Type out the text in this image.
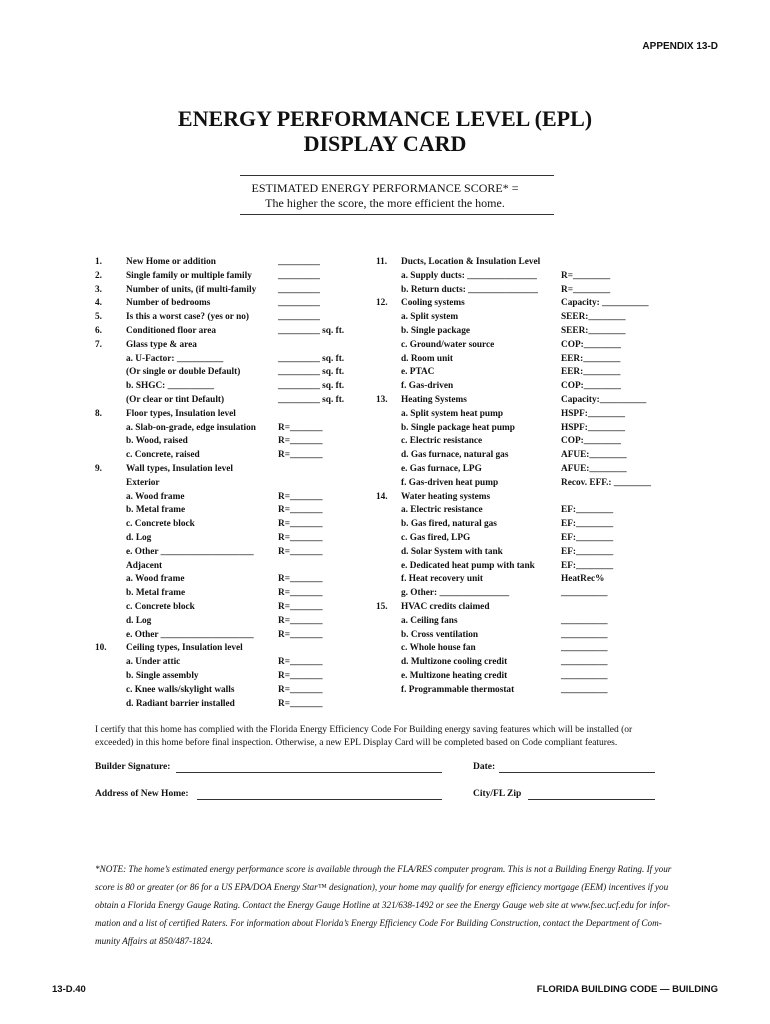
APPENDIX 13-D
ENERGY PERFORMANCE LEVEL (EPL)
DISPLAY CARD
ESTIMATED ENERGY PERFORMANCE SCORE* =
The higher the score, the more efficient the home.
1.	New Home or addition	_________
2.	Single family or multiple family	_________
3.	Number of units, (if multi-family _________
4.	Number of bedrooms	_________
5.	Is this a worst case? (yes or no)	_________
6.	Conditioned floor area	_________ sq. ft.
7.	Glass type & area
a. U-Factor: __________	_________ sq. ft.
(Or single or double Default)	_________ sq. ft.
b. SHGC: __________	_________ sq. ft.
(Or clear or tint Default)	_________ sq. ft.
8.	Floor types, Insulation level
a. Slab-on-grade, edge insulation R=_______
b. Wood, raised	R=_______
c. Concrete, raised	R=_______
9.	Wall types, Insulation level
Exterior
a. Wood frame	R=_______
b. Metal frame	R=_______
c. Concrete block	R=_______
d. Log	R=_______
e. Other ____________________	R=_______
Adjacent
a. Wood frame	R=_______
b. Metal frame	R=_______
c. Concrete block	R=_______
d. Log	R=_______
e. Other ____________________	R=_______
10.	Ceiling types, Insulation level
a. Under attic	R=_______
b. Single assembly	R=_______
c. Knee walls/skylight walls	R=_______
d. Radiant barrier installed	R=_______
11.	Ducts, Location & Insulation Level
a. Supply ducts: _______________	R=________
b. Return ducts: _______________ R=________
12.	Cooling systems	Capacity: __________
a. Split system	SEER:________
b. Single package	SEER:________
c. Ground/water source	COP:________
d. Room unit	EER:________
e. PTAC	EER:________
f. Gas-driven	COP:________
13.	Heating Systems	Capacity:__________
a. Split system heat pump	HSPF:________
b. Single package heat pump	HSPF:________
c. Electric resistance	COP:________
d. Gas furnace, natural gas	AFUE:________
e. Gas furnace, LPG	AFUE:________
f. Gas-driven heat pump	Recov. EFF.: ________
14.	Water heating systems
a. Electric resistance	EF:________
b. Gas fired, natural gas	EF:________
c. Gas fired, LPG	EF:________
d. Solar System with tank	EF:________
e. Dedicated heat pump with tank	EF:________
f. Heat recovery unit	HeatRec%
g. Other: _______________	__________
15.	HVAC credits claimed
a. Ceiling fans	__________
b. Cross ventilation	__________
c. Whole house fan	__________
d. Multizone cooling credit	__________
e. Multizone heating credit	__________
f. Programmable thermostat	__________
I certify that this home has complied with the Florida Energy Efficiency Code For Building energy saving features which will be installed (or
exceeded) in this home before final inspection. Otherwise, a new EPL Display Card will be completed based on Code compliant features.
Builder Signature:	Date:
Address of New Home:	City/FL Zip
*NOTE: The home’s estimated energy performance score is available through the FLA/RES computer program. This is not a Building Energy Rating. If your
score is 80 or greater (or 86 for a US EPA/DOA Energy Star™ designation), your home may qualify for energy efficiency mortgage (EEM) incentives if you
obtain a Florida Energy Gauge Rating. Contact the Energy Gauge Hotline at 321/638-1492 or see the Energy Gauge web site at www.fsec.ucf.edu for infor-
mation and a list of certified Raters. For information about Florida’s Energy Efficiency Code For Building Construction, contact the Department of Com-
munity Affairs at 850/487-1824.
13-D.40	FLORIDA BUILDING CODE — BUILDING
